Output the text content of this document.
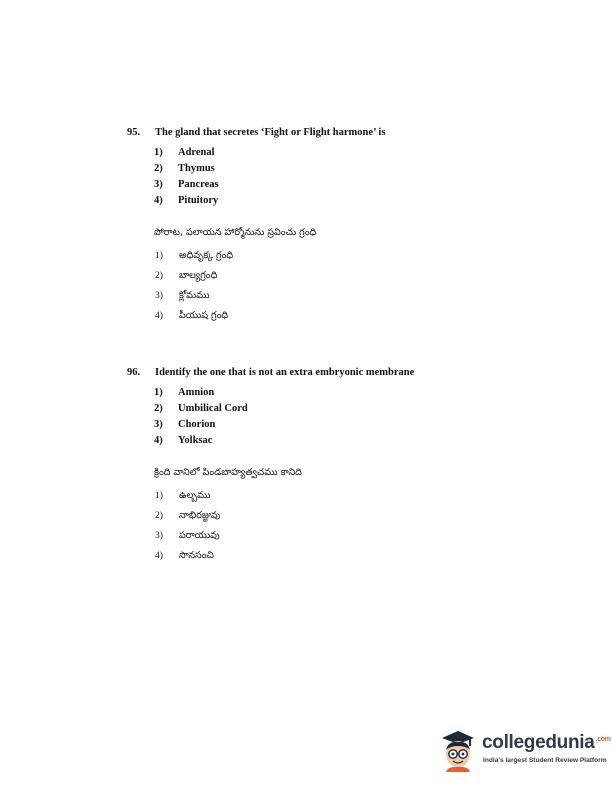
95. The gland that secretes ‘Fight or Flight harmone’ is
1) Adrenal
2) Thymus
3) Pancreas
4) Pituitory
పోరాట, పలాయన హార్మోనును స్రవించు గ్రంధి
1) అధివృక్క గ్రంధి
2) బాల్యగ్రంధి
3) క్లోమము
4) పీయుష గ్రంధి
96. Identify the one that is not an extra embryonic membrane
1) Amnion
2) Umbilical Cord
3) Chorion
4) Yolksac
క్రింది వానిలో పిండబాహ్యత్వచము కానిది
1) ఉల్బము
2) నాభిరజ్జువు
3) పరాయువు
4) సొనసంచి
collegedunia$^{.com}$
India's largest Student Review Platform
